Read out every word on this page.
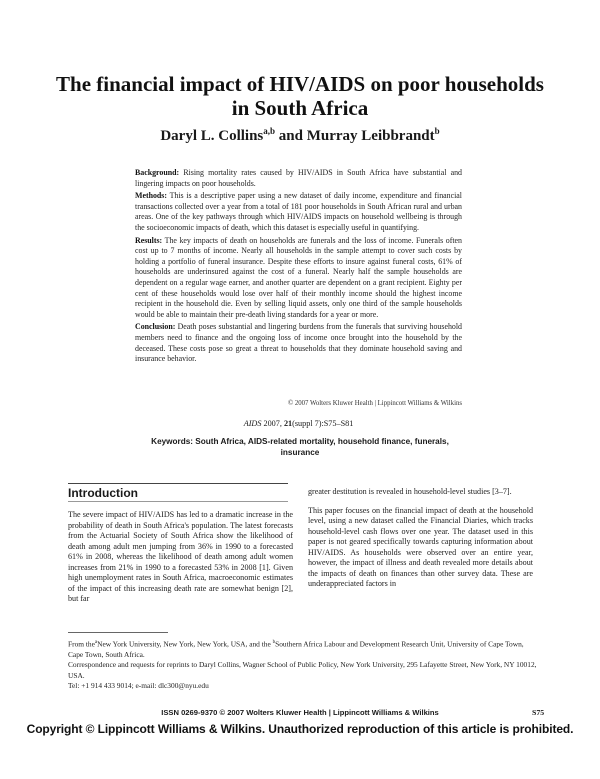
The financial impact of HIV/AIDS on poor households
in South Africa
Daryl L. Collins$^{a,b}$ and Murray Leibbrandt$^b$

Background: Rising mortality rates caused by HIV/AIDS in South Africa have substantial and lingering impacts on poor households.

Methods: This is a descriptive paper using a new dataset of daily income, expenditure and financial transactions collected over a year from a total of 181 poor households in South African rural and urban areas. One of the key pathways through which HIV/AIDS impacts on household wellbeing is through the socioeconomic impacts of death, which this dataset is especially useful in quantifying.

Results: The key impacts of death on households are funerals and the loss of income. Funerals often cost up to 7 months of income. Nearly all households in the sample attempt to cover such costs by holding a portfolio of funeral insurance. Despite these efforts to insure against funeral costs, 61% of households are underinsured against the cost of a funeral. Nearly half the sample households are dependent on a regular wage earner, and another quarter are dependent on a grant recipient. Eighty per cent of these households would lose over half of their monthly income should the highest income recipient in the household die. Even by selling liquid assets, only one third of the sample households would be able to maintain their pre-death living standards for a year or more.

Conclusion: Death poses substantial and lingering burdens from the funerals that surviving household members need to finance and the ongoing loss of income once brought into the household by the deceased. These costs pose so great a threat to households that they dominate household saving and insurance behavior.

© 2007 Wolters Kluwer Health | Lippincott Williams & Wilkins
AIDS 2007, 21(suppl 7):S75–S81
Keywords: South Africa, AIDS-related mortality, household finance, funerals, insurance
Introduction

The severe impact of HIV/AIDS has led to a dramatic increase in the probability of death in South Africa's population. The latest forecasts from the Actuarial Society of South Africa show the likelihood of death among adult men jumping from 36% in 1990 to a forecasted 61% in 2008, whereas the likelihood of death among adult women increases from 21% in 1990 to a forecasted 53% in 2008 [1]. Given high unemployment rates in South Africa, macroeconomic estimates of the impact of this increasing death rate are somewhat benign [2], but far

greater destitution is revealed in household-level studies [3–7].

This paper focuses on the financial impact of death at the household level, using a new dataset called the Financial Diaries, which tracks household-level cash flows over one year. The dataset used in this paper is not geared specifically towards capturing information about HIV/AIDS. As households were observed over an entire year, however, the impact of illness and death revealed more details about the impacts of death on finances than other survey data. These are underappreciated factors in

From the$^a$New York University, New York, New York, USA, and the $^b$Southern Africa Labour and Development Research Unit, University of Cape Town, Cape Town, South Africa.
Correspondence and requests for reprints to Daryl Collins, Wagner School of Public Policy, New York University, 295 Lafayette Street, New York, NY 10012, USA.
Tel: +1 914 433 9014; e-mail: dlc300@nyu.edu
ISSN 0269-9370 © 2007 Wolters Kluwer Health | Lippincott Williams & Wilkins	S75
Copyright © Lippincott Williams & Wilkins. Unauthorized reproduction of this article is prohibited.
